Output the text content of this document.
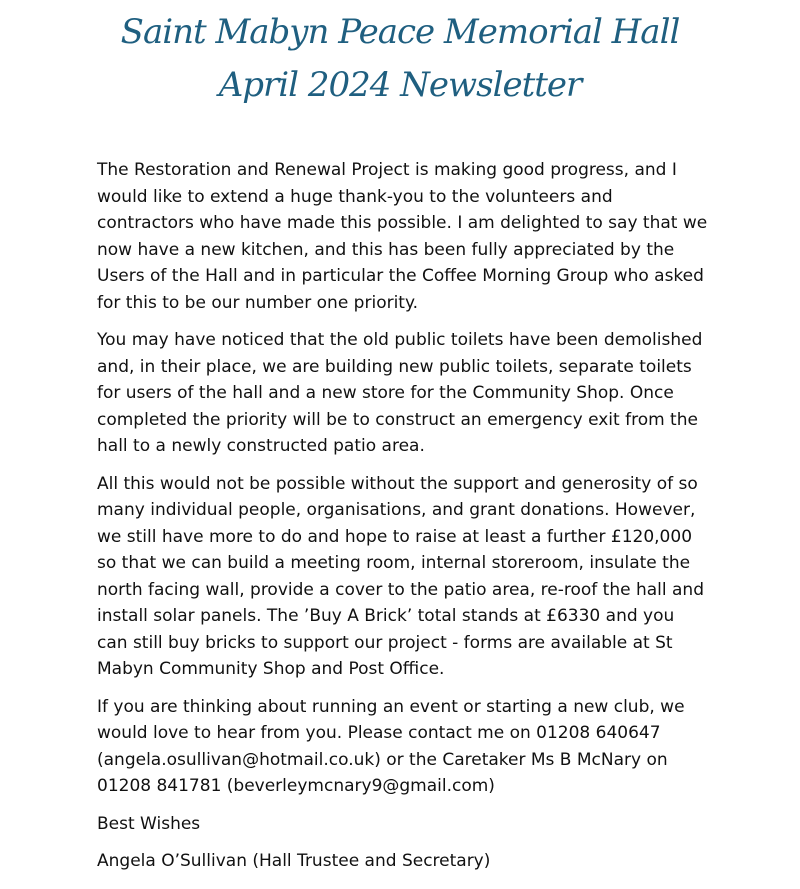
Saint Mabyn Peace Memorial Hall
April 2024 Newsletter

The Restoration and Renewal Project is making good progress, and I would like to extend a huge thank-you to the volunteers and contractors who have made this possible. I am delighted to say that we now have a new kitchen, and this has been fully appreciated by the Users of the Hall and in particular the Coffee Morning Group who asked for this to be our number one priority.

You may have noticed that the old public toilets have been demolished and, in their place, we are building new public toilets, separate toilets for users of the hall and a new store for the Community Shop. Once completed the priority will be to construct an emergency exit from the hall to a newly constructed patio area.

All this would not be possible without the support and generosity of so many individual people, organisations, and grant donations. However, we still have more to do and hope to raise at least a further £120,000 so that we can build a meeting room, internal storeroom, insulate the north facing wall, provide a cover to the patio area, re-roof the hall and install solar panels. The ’Buy A Brick’ total stands at £6330 and you can still buy bricks to support our project - forms are available at St Mabyn Community Shop and Post Office.

If you are thinking about running an event or starting a new club, we would love to hear from you. Please contact me on 01208 640647 (angela.osullivan@hotmail.co.uk) or the Caretaker Ms B McNary on 01208 841781 (beverleymcnary9@gmail.com)

Best Wishes

Angela O’Sullivan (Hall Trustee and Secretary)
